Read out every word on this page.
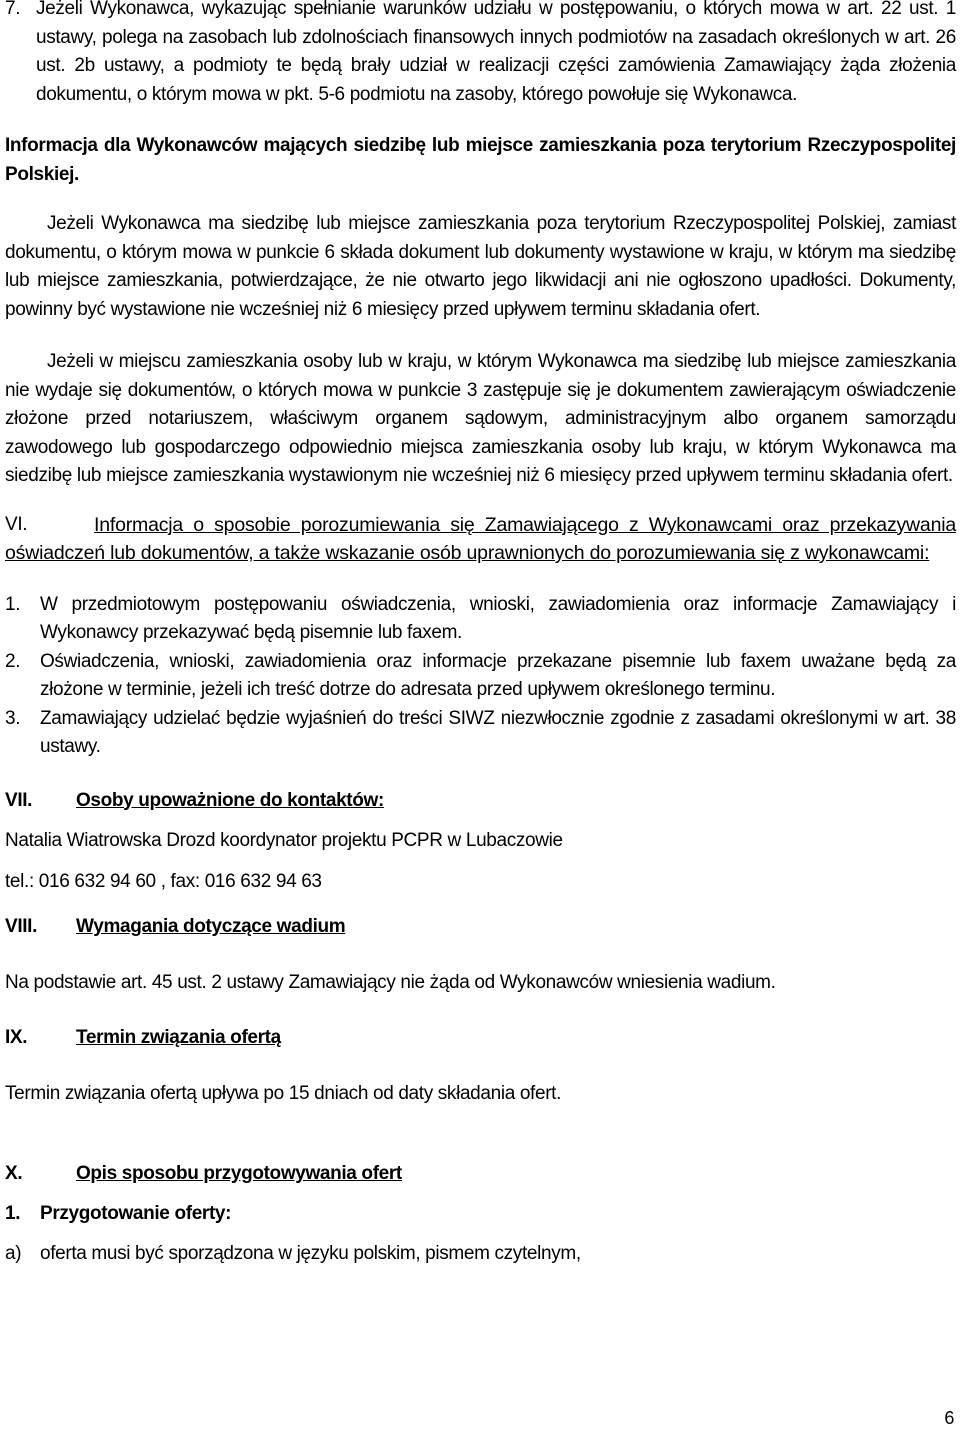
7. Jeżeli Wykonawca, wykazując spełnianie warunków udziału w postępowaniu, o których mowa w art. 22 ust. 1 ustawy, polega na zasobach lub zdolnościach finansowych innych podmiotów na zasadach określonych w art. 26 ust. 2b ustawy, a podmioty te będą brały udział w realizacji części zamówienia Zamawiający żąda złożenia dokumentu, o którym mowa w pkt. 5-6 podmiotu na zasoby, którego powołuje się Wykonawca.

Informacja dla Wykonawców mających siedzibę lub miejsce zamieszkania poza terytorium Rzeczypospolitej Polskiej.

Jeżeli Wykonawca ma siedzibę lub miejsce zamieszkania poza terytorium Rzeczypospolitej Polskiej, zamiast dokumentu, o którym mowa w punkcie 6 składa dokument lub dokumenty wystawione w kraju, w którym ma siedzibę lub miejsce zamieszkania, potwierdzające, że nie otwarto jego likwidacji ani nie ogłoszono upadłości. Dokumenty, powinny być wystawione nie wcześniej niż 6 miesięcy przed upływem terminu składania ofert.

Jeżeli w miejscu zamieszkania osoby lub w kraju, w którym Wykonawca ma siedzibę lub miejsce zamieszkania nie wydaje się dokumentów, o których mowa w punkcie 3 zastępuje się je dokumentem zawierającym oświadczenie złożone przed notariuszem, właściwym organem sądowym, administracyjnym albo organem samorządu zawodowego lub gospodarczego odpowiednio miejsca zamieszkania osoby lub kraju, w którym Wykonawca ma siedzibę lub miejsce zamieszkania wystawionym nie wcześniej niż 6 miesięcy przed upływem terminu składania ofert.

VI.	Informacja o sposobie porozumiewania się Zamawiającego z Wykonawcami oraz przekazywania oświadczeń lub dokumentów, a także wskazanie osób uprawnionych do porozumiewania się z wykonawcami:

1.	W przedmiotowym postępowaniu oświadczenia, wnioski, zawiadomienia oraz informacje Zamawiający i Wykonawcy przekazywać będą pisemnie lub faxem.
2.	Oświadczenia, wnioski, zawiadomienia oraz informacje przekazane pisemnie lub faxem uważane będą za złożone w terminie, jeżeli ich treść dotrze do adresata przed upływem określonego terminu.
3.	Zamawiający udzielać będzie wyjaśnień do treści SIWZ niezwłocznie zgodnie z zasadami określonymi w art. 38 ustawy.
VII.	Osoby upoważnione do kontaktów:

Natalia Wiatrowska Drozd koordynator projektu PCPR w Lubaczowie

tel.: 016 632 94 60 , fax: 016 632 94 63

VIII.	Wymagania dotyczące wadium

Na podstawie art. 45 ust. 2 ustawy Zamawiający nie żąda od Wykonawców wniesienia wadium.

IX.	Termin związania ofertą

Termin związania ofertą upływa po 15 dniach od daty składania ofert.

X.	Opis sposobu przygotowywania ofert
1.	Przygotowanie oferty:
a) oferta musi być sporządzona w języku polskim, pismem czytelnym,
6
